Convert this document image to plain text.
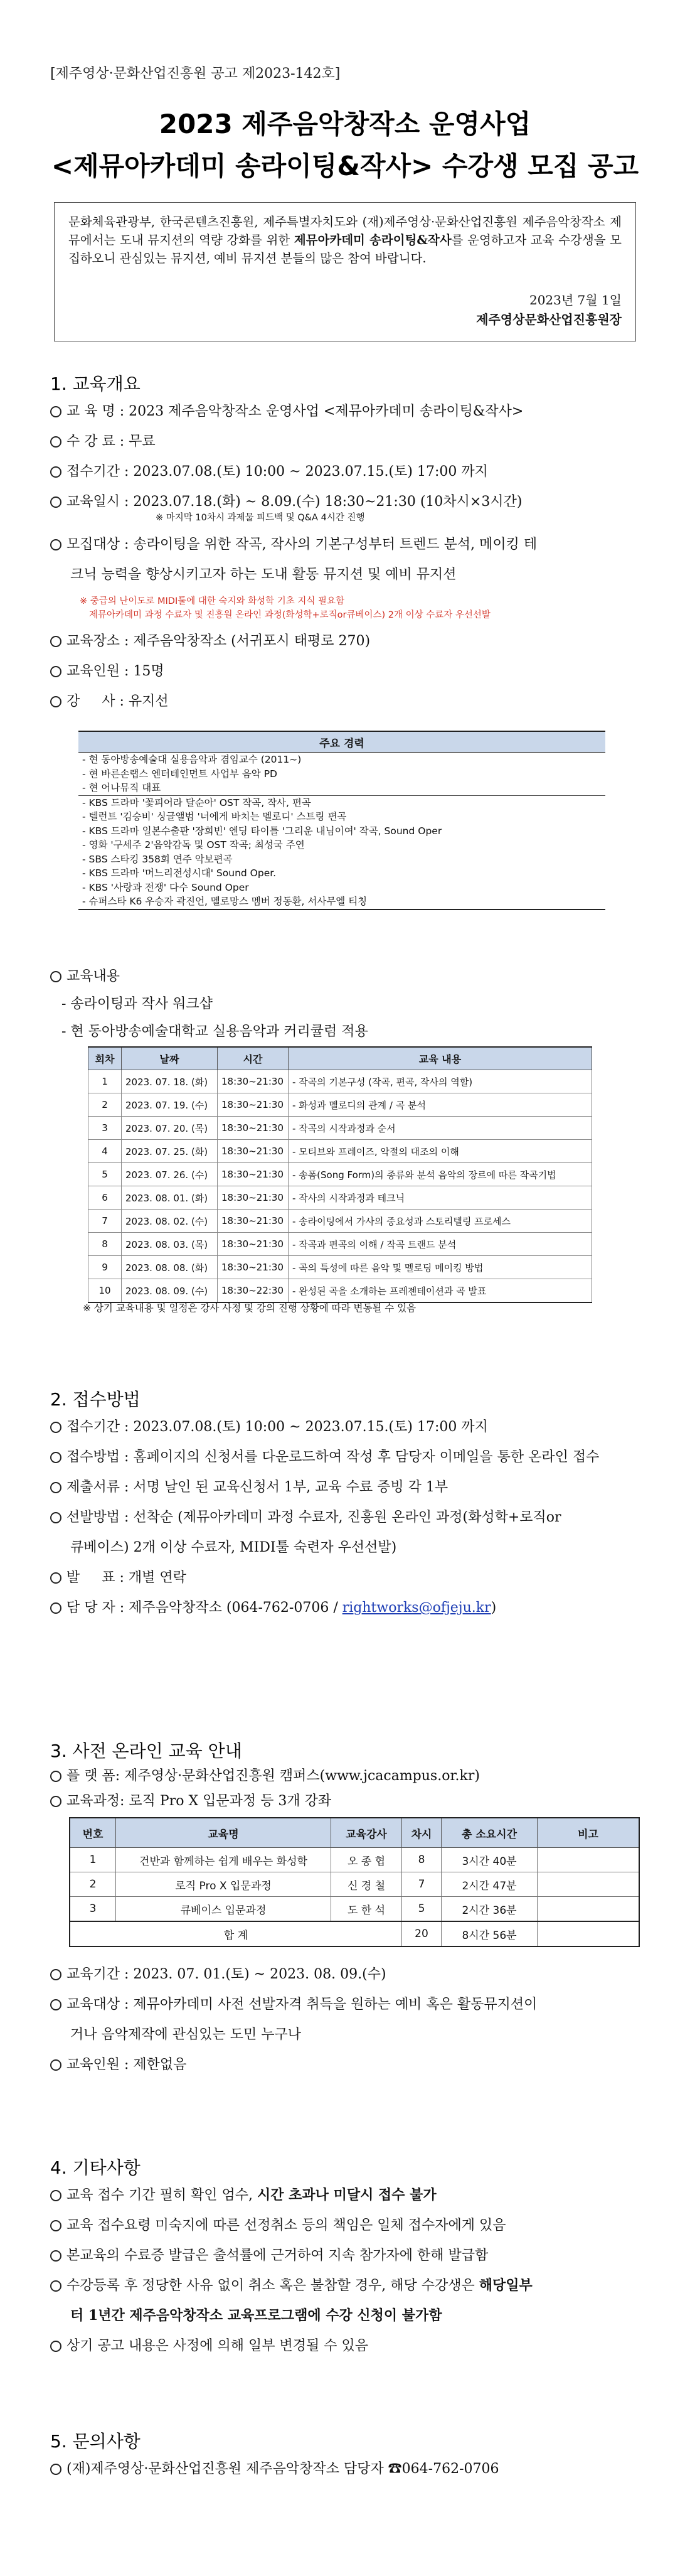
[제주영상·문화산업진흥원 공고 제2023-142호]
2023 제주음악창작소 운영사업
<제뮤아카데미 송라이팅&작사> 수강생 모집 공고

문화체육관광부, 한국콘텐츠진흥원, 제주특별자치도와 (재)제주영상·문화산업진흥원 제주음악창작소 제뮤에서는 도내 뮤지션의 역량 강화를 위한 제뮤아카데미 송라이팅&작사를 운영하고자 교육 수강생을 모집하오니 관심있는 뮤지션, 예비 뮤지션 분들의 많은 참여 바랍니다.

2023년 7월 1일
제주영상문화산업진흥원장
1. 교육개요
교 육 명 : 2023 제주음악창작소 운영사업 <제뮤아카데미 송라이팅&작사>
수 강 료 : 무료
접수기간 : 2023.07.08.(토) 10:00 ~ 2023.07.15.(토) 17:00 까지
교육일시 : 2023.07.18.(화) ~ 8.09.(수) 18:30~21:30 (10차시×3시간)
※ 마지막 10차시 과제물 피드백 및 Q&A 4시간 진행
모집대상 : 송라이팅을 위한 작곡, 작사의 기본구성부터 트렌드 분석, 메이킹 테
크닉 능력을 향상시키고자 하는 도내 활동 뮤지션 및 예비 뮤지션
※ 중급의 난이도로 MIDI툴에 대한 숙지와 화성학 기초 지식 필요함
제뮤아카데미 과정 수료자 및 진흥원 온라인 과정(화성학+로직or큐베이스) 2개 이상 수료자 우선선발
교육장소 : 제주음악창작소 (서귀포시 태평로 270)
교육인원 : 15명
강     사 : 유지선
주요 경력
- 현 동아방송예술대 실용음악과 겸임교수 (2011~)
- 현 바른손랩스 엔터테인먼트 사업부 음악 PD
- 현 어나뮤직 대표
- KBS 드라마 '꽃피어라 달순아' OST 작곡, 작사, 편곡
- 텔런트 '김승비' 싱글앨범 '너에게 바치는 멜로디' 스트링 편곡
- KBS 드라마 일본수출판 '장희빈' 엔딩 타이틀 '그리운 내님이여' 작곡, Sound Oper
- 영화 '구세주 2'음악감독 및 OST 작곡; 최성국 주연
- SBS 스타킹 358회 연주 악보편곡
- KBS 드라마 '머느리전성시대' Sound Oper.
- KBS '사랑과 전쟁' 다수 Sound Oper
- 슈퍼스타 K6 우승자 곽진언, 멜로망스 멤버 정동환, 서사무엘 티칭
교육내용
- 송라이팅과 작사 워크샵
- 현 동아방송예술대학교 실용음악과 커리큘럼 적용
회차	날짜	시간	교육 내용
1	2023. 07. 18. (화)	18:30~21:30	- 작곡의 기본구성 (작곡, 편곡, 작사의 역할)
2	2023. 07. 19. (수)	18:30~21:30	- 화성과 멜로디의 관계 / 곡 분석
3	2023. 07. 20. (목)	18:30~21:30	- 작곡의 시작과정과 순서
4	2023. 07. 25. (화)	18:30~21:30	- 모티브와 프레이즈, 악절의 대조의 이해
5	2023. 07. 26. (수)	18:30~21:30	- 송폼(Song Form)의 종류와 분석 음악의 장르에 따른 작곡기법
6	2023. 08. 01. (화)	18:30~21:30	- 작사의 시작과정과 테크닉
7	2023. 08. 02. (수)	18:30~21:30	- 송라이팅에서 가사의 중요성과 스토리텔링 프로세스
8	2023. 08. 03. (목)	18:30~21:30	- 작곡과 편곡의 이해 / 작곡 트랜드 분석
9	2023. 08. 08. (화)	18:30~21:30	- 곡의 특성에 따른 음악 및 멜로딩 메이킹 방법
10	2023. 08. 09. (수)	18:30~22:30	- 완성된 곡을 소개하는 프레젠테이션과 곡 발표
※ 상기 교육내용 및 일정은 강사 사정 및 강의 진행 상황에 따라 변동될 수 있음
2. 접수방법
접수기간 : 2023.07.08.(토) 10:00 ~ 2023.07.15.(토) 17:00 까지
접수방법 : 홈페이지의 신청서를 다운로드하여 작성 후 담당자 이메일을 통한 온라인 접수
제출서류 : 서명 날인 된 교육신청서 1부, 교육 수료 증빙 각 1부
선발방법 : 선착순 (제뮤아카데미 과정 수료자, 진흥원 온라인 과정(화성학+로직or
큐베이스) 2개 이상 수료자, MIDI툴 숙련자 우선선발)
발     표 : 개별 연락
담 당 자 : 제주음악창작소 (064-762-0706 / rightworks@ofjeju.kr)
3. 사전 온라인 교육 안내
플 랫 폼: 제주영상·문화산업진흥원 캠퍼스(www.jcacampus.or.kr)
교육과정: 로직 Pro X 입문과정 등 3개 강좌
번호	교육명	교육강사	차시	총 소요시간	비고
1	건반과 함께하는 쉽게 배우는 화성학	오 종 협	8	3시간 40분	
2	로직 Pro X 입문과정	신 경 철	7	2시간 47분	
3	큐베이스 입문과정	도 한 석	5	2시간 36분	
합 계			20	8시간 56분	
교육기간 : 2023. 07. 01.(토) ~ 2023. 08. 09.(수)
교육대상 : 제뮤아카데미 사전 선발자격 취득을 원하는 예비 혹은 활동뮤지션이
거나 음악제작에 관심있는 도민 누구나
교육인원 : 제한없음
4. 기타사항
교육 접수 기간 필히 확인 엄수, 시간 초과나 미달시 접수 불가
교육 접수요령 미숙지에 따른 선정취소 등의 책임은 일체 접수자에게 있음
본교육의 수료증 발급은 출석률에 근거하여 지속 참가자에 한해 발급함
수강등록 후 정당한 사유 없이 취소 혹은 불참할 경우, 해당 수강생은 해당일부
터 1년간 제주음악창작소 교육프로그램에 수강 신청이 불가함
상기 공고 내용은 사정에 의해 일부 변경될 수 있음
5. 문의사항
(재)제주영상·문화산업진흥원 제주음악창작소 담당자 ☎064-762-0706
